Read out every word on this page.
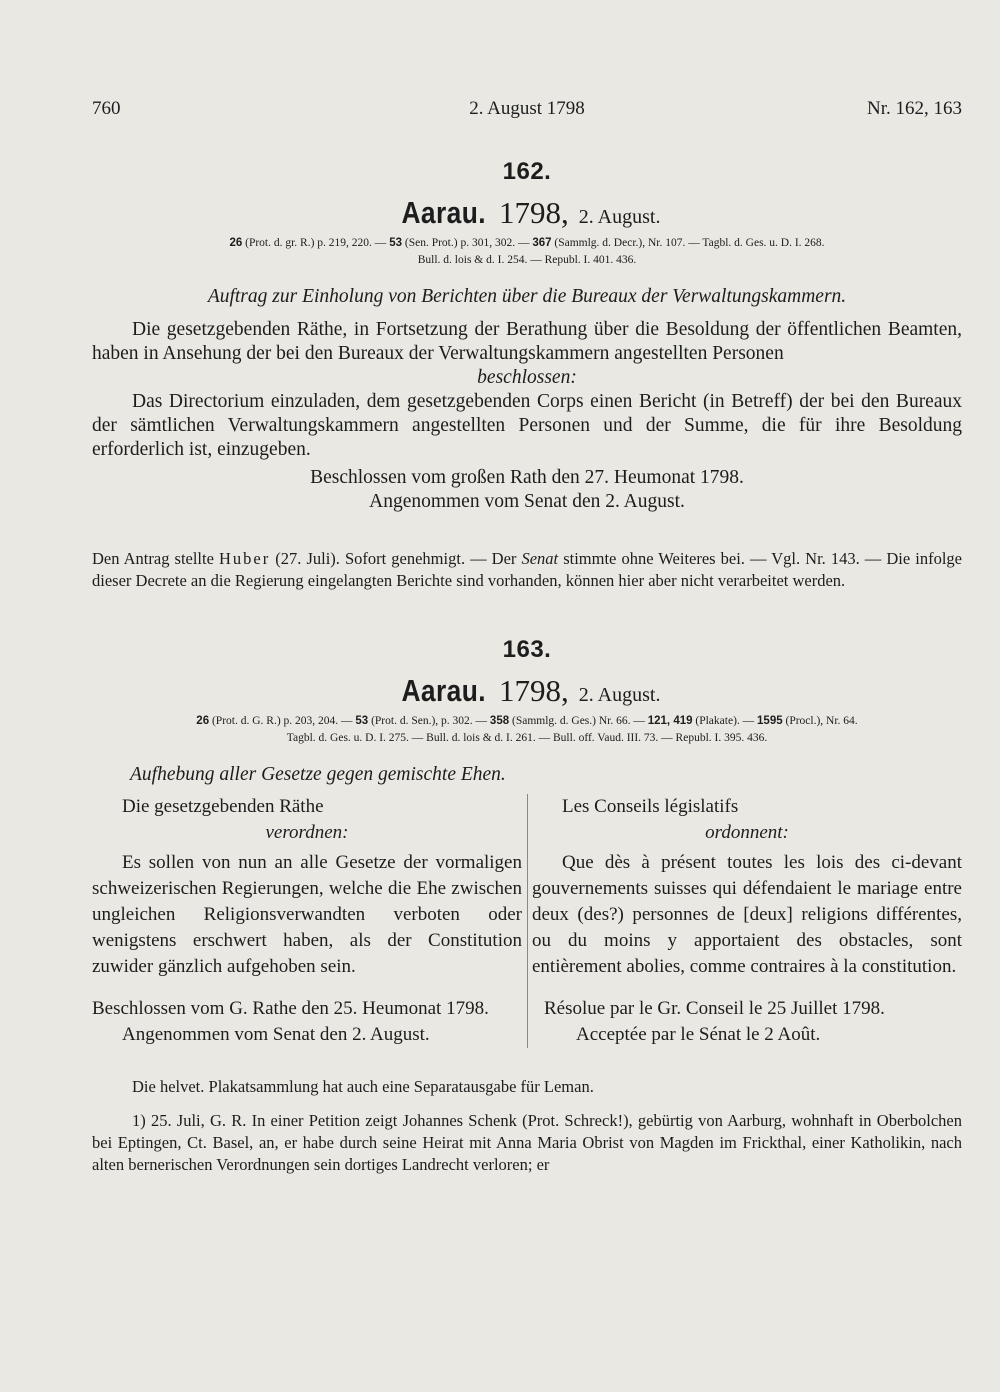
760	2. August 1798	Nr. 162, 163
162.
Aarau. 1798, 2. August.
26 (Prot. d. gr. R.) p. 219, 220. — 53 (Sen. Prot.) p. 301, 302. — 367 (Sammlg. d. Decr.), Nr. 107. — Tagbl. d. Ges. u. D. I. 268.
Bull. d. lois & d. I. 254. — Republ. I. 401. 436.
Auftrag zur Einholung von Berichten über die Bureaux der Verwaltungskammern.

Die gesetzgebenden Räthe, in Fortsetzung der Berathung über die Besoldung der öffentlichen Beamten, haben in Ansehung der bei den Bureaux der Verwaltungskammern angestellten Personen

beschlossen:

Das Directorium einzuladen, dem gesetzgebenden Corps einen Bericht (in Betreff) der bei den Bureaux der sämtlichen Verwaltungskammern angestellten Personen und der Summe, die für ihre Besoldung erforderlich ist, einzugeben.

Beschlossen vom großen Rath den 27. Heumonat 1798.

Angenommen vom Senat den 2. August.

Den Antrag stellte Huber (27. Juli). Sofort genehmigt. — Der Senat stimmte ohne Weiteres bei. — Vgl. Nr. 143. — Die infolge dieser Decrete an die Regierung eingelangten Berichte sind vorhanden, können hier aber nicht verarbeitet werden.
163.
Aarau. 1798, 2. August.
26 (Prot. d. G. R.) p. 203, 204. — 53 (Prot. d. Sen.), p. 302. — 358 (Sammlg. d. Ges.) Nr. 66. — 121, 419 (Plakate). — 1595 (Procl.), Nr. 64.
Tagbl. d. Ges. u. D. I. 275. — Bull. d. lois & d. I. 261. — Bull. off. Vaud. III. 73. — Republ. I. 395. 436.
Aufhebung aller Gesetze gegen gemischte Ehen.

Die gesetzgebenden Räthe

verordnen:

Es sollen von nun an alle Gesetze der vormaligen schweizerischen Regierungen, welche die Ehe zwischen ungleichen Religionsverwandten verboten oder wenigstens erschwert haben, als der Constitution zuwider gänzlich aufgehoben sein.

Beschlossen vom G. Rathe den 25. Heumonat 1798.

Angenommen vom Senat den 2. August.

Les Conseils législatifs

ordonnent:

Que dès à présent toutes les lois des ci-devant gouvernements suisses qui défendaient le mariage entre deux (des?) personnes de [deux] religions différentes, ou du moins y apportaient des obstacles, sont entièrement abolies, comme contraires à la constitution.

Résolue par le Gr. Conseil le 25 Juillet 1798.

Acceptée par le Sénat le 2 Août.

Die helvet. Plakatsammlung hat auch eine Separatausgabe für Leman.
1) 25. Juli, G. R. In einer Petition zeigt Johannes Schenk (Prot. Schreck!), gebürtig von Aarburg, wohnhaft in Oberbolchen bei Eptingen, Ct. Basel, an, er habe durch seine Heirat mit Anna Maria Obrist von Magden im Frickthal, einer Katholikin, nach alten bernerischen Verordnungen sein dortiges Landrecht verloren; er
